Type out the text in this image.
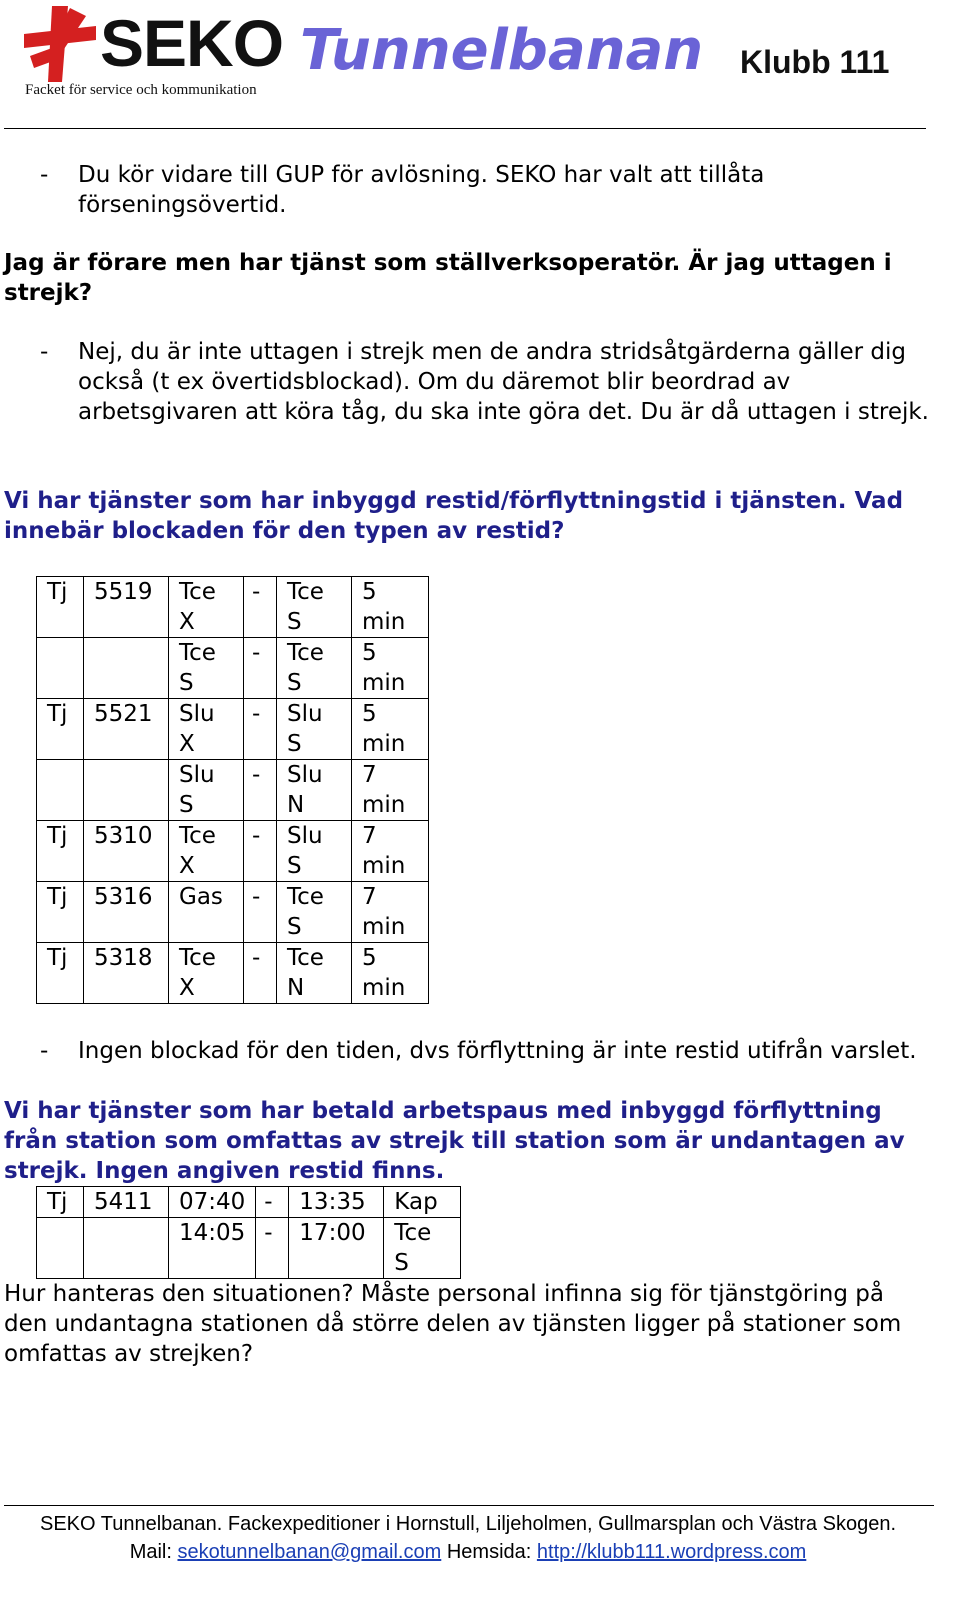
SEKO
Facket för service och kommunikation
Tunnelbanan Klubb 111

- Du kör vidare till GUP för avlösning. SEKO har valt att tillåta förseningsövertid.

Jag är förare men har tjänst som ställverksoperatör. Är jag uttagen i strejk?

- Nej, du är inte uttagen i strejk men de andra stridsåtgärderna gäller dig också (t ex övertidsblockad). Om du däremot blir beordrad av arbetsgivaren att köra tåg, du ska inte göra det. Du är då uttagen i strejk.

Vi har tjänster som har inbyggd restid/förflyttningstid i tjänsten. Vad innebär blockaden för den typen av restid?

Tj	5519	Tce X	-	Tce S	5 min
		Tce S	-	Tce S	5 min
Tj	5521	Slu X	-	Slu S	5 min
		Slu S	-	Slu N	7 min
Tj	5310	Tce X	-	Slu S	7 min
Tj	5316	Gas	-	Tce S	7 min
Tj	5318	Tce X	-	Tce N	5 min

- Ingen blockad för den tiden, dvs förflyttning är inte restid utifrån varslet.

Vi har tjänster som har betald arbetspaus med inbyggd förflyttning från station som omfattas av strejk till station som är undantagen av strejk. Ingen angiven restid finns.

Tj	5411	07:40	-	13:35	Kap
		14:05	-	17:00	Tce S

Hur hanteras den situationen? Måste personal infinna sig för tjänstgöring på den undantagna stationen då större delen av tjänsten ligger på stationer som omfattas av strejken?

SEKO Tunnelbanan. Fackexpeditioner i Hornstull, Liljeholmen, Gullmarsplan och Västra Skogen.
Mail: sekotunnelbanan@gmail.com Hemsida: http://klubb111.wordpress.com
